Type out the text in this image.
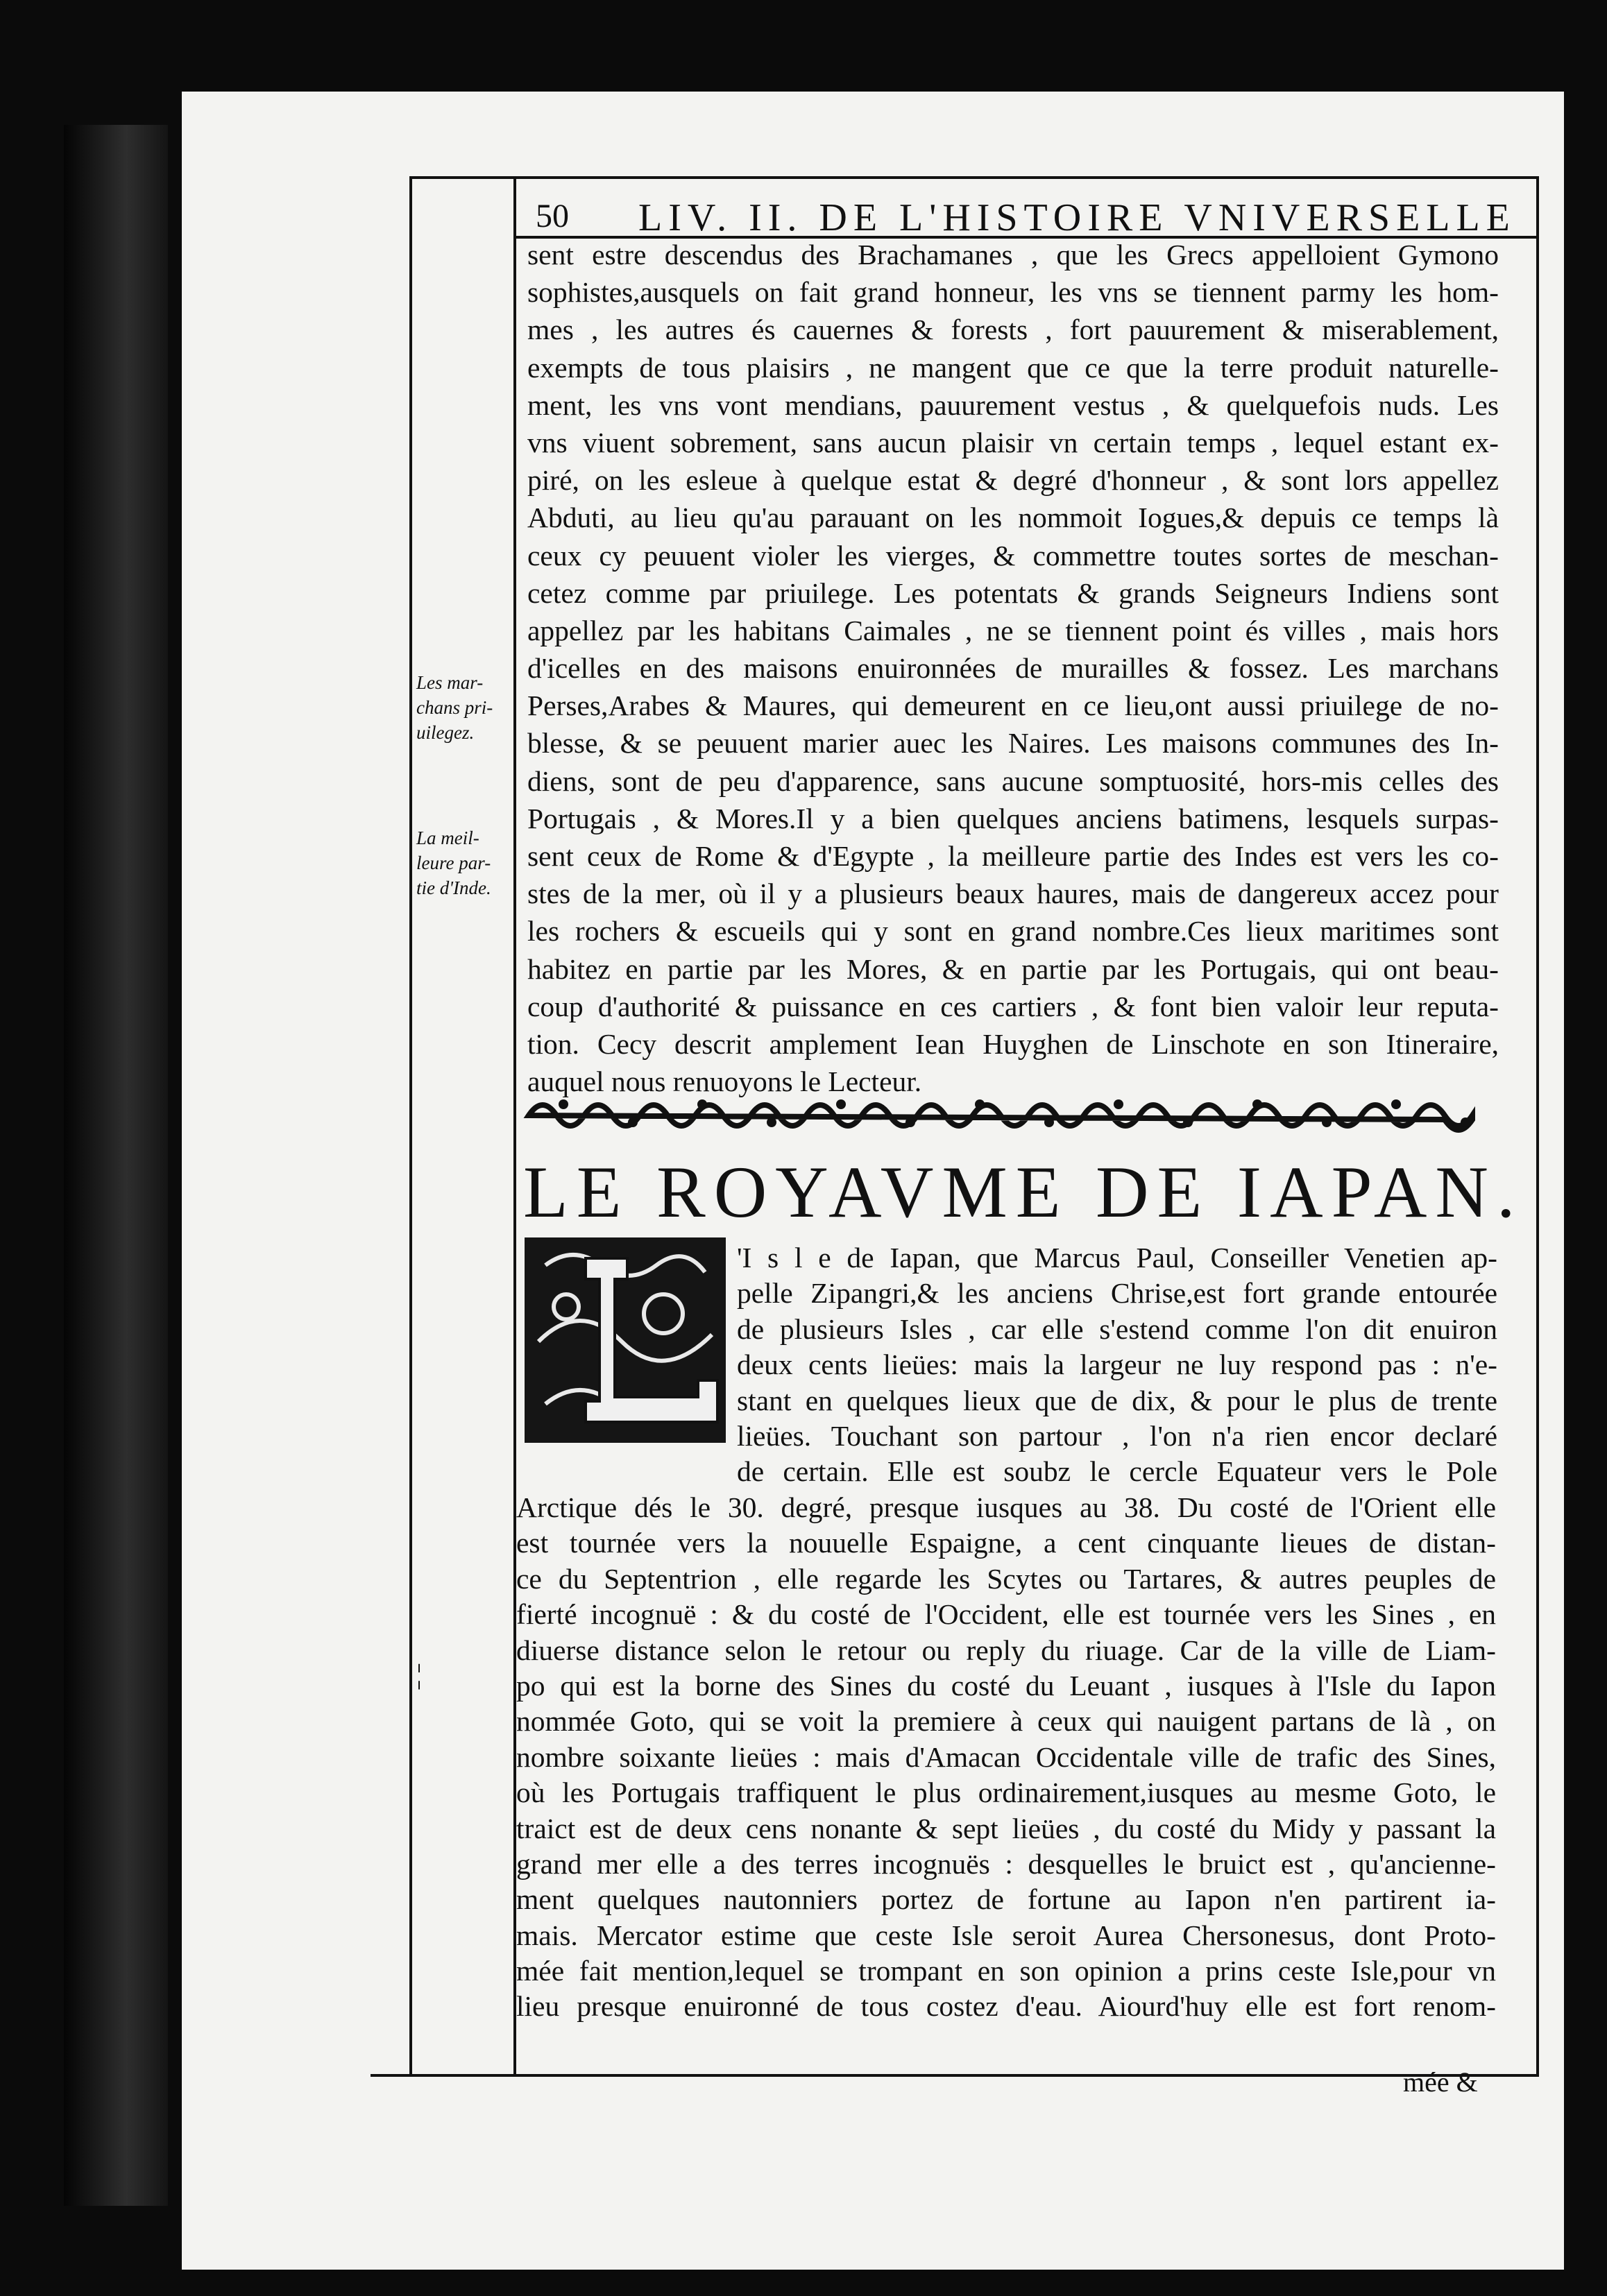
50 LIV. II. DE L'HISTOIRE VNIVERSELLE
sent estre descendus des Brachamanes , que les Grecs appelloient Gymono
sophistes,ausquels on fait grand honneur, les vns se tiennent parmy les hom-
mes , les autres és cauernes & forests , fort pauurement & miserablement,
exempts de tous plaisirs , ne mangent que ce que la terre produit naturelle-
ment, les vns vont mendians, pauurement vestus , & quelquefois nuds. Les
vns viuent sobrement, sans aucun plaisir vn certain temps , lequel estant ex-
piré, on les esleue à quelque estat & degré d'honneur , & sont lors appellez
Abduti, au lieu qu'au parauant on les nommoit Iogues,& depuis ce temps là
ceux cy peuuent violer les vierges, & commettre toutes sortes de meschan-
cetez comme par priuilege. Les potentats & grands Seigneurs Indiens sont
appellez par les habitans Caimales , ne se tiennent point és villes , mais hors
d'icelles en des maisons enuironnées de murailles & fossez. Les marchans
Perses,Arabes & Maures, qui demeurent en ce lieu,ont aussi priuilege de no-
blesse, & se peuuent marier auec les Naires. Les maisons communes des In-
diens, sont de peu d'apparence, sans aucune somptuosité, hors-mis celles des
Portugais , & Mores.Il y a bien quelques anciens batimens, lesquels surpas-
sent ceux de Rome & d'Egypte , la meilleure partie des Indes est vers les co-
stes de la mer, où il y a plusieurs beaux haures, mais de dangereux accez pour
les rochers & escueils qui y sont en grand nombre.Ces lieux maritimes sont
habitez en partie par les Mores, & en partie par les Portugais, qui ont beau-
coup d'authorité & puissance en ces cartiers , & font bien valoir leur reputa-
tion. Cecy descrit amplement Iean Huyghen de Linschote en son Itineraire,
auquel nous renuoyons le Lecteur.
Les mar-
chans pri-
uilegez.
La meil-
leure par-
tie d'Inde.
LE ROYAVME DE IAPAN.
'I s l e de Iapan, que Marcus Paul, Conseiller Venetien ap-
pelle Zipangri,& les anciens Chrise,est fort grande entourée
de plusieurs Isles , car elle s'estend comme l'on dit enuiron
deux cents lieües: mais la largeur ne luy respond pas : n'e-
stant en quelques lieux que de dix, & pour le plus de trente
lieües. Touchant son partour , l'on n'a rien encor declaré
de certain. Elle est soubz le cercle Equateur vers le Pole
Arctique dés le 30. degré, presque iusques au 38. Du costé de l'Orient elle
est tournée vers la nouuelle Espaigne, a cent cinquante lieues de distan-
ce du Septentrion , elle regarde les Scytes ou Tartares, & autres peuples de
fierté incognuë : & du costé de l'Occident, elle est tournée vers les Sines , en
diuerse distance selon le retour ou reply du riuage. Car de la ville de Liam-
po qui est la borne des Sines du costé du Leuant , iusques à l'Isle du Iapon
nommée Goto, qui se voit la premiere à ceux qui nauigent partans de là , on
nombre soixante lieües : mais d'Amacan Occidentale ville de trafic des Sines,
où les Portugais traffiquent le plus ordinairement,iusques au mesme Goto, le
traict est de deux cens nonante & sept lieües , du costé du Midy y passant la
grand mer elle a des terres incognuës : desquelles le bruict est , qu'ancienne-
ment quelques nautonniers portez de fortune au Iapon n'en partirent ia-
mais. Mercator estime que ceste Isle seroit Aurea Chersonesus, dont Proto-
mée fait mention,lequel se trompant en son opinion a prins ceste Isle,pour vn
lieu presque enuironné de tous costez d'eau. Aiourd'huy elle est fort renom-
¦
mée &
